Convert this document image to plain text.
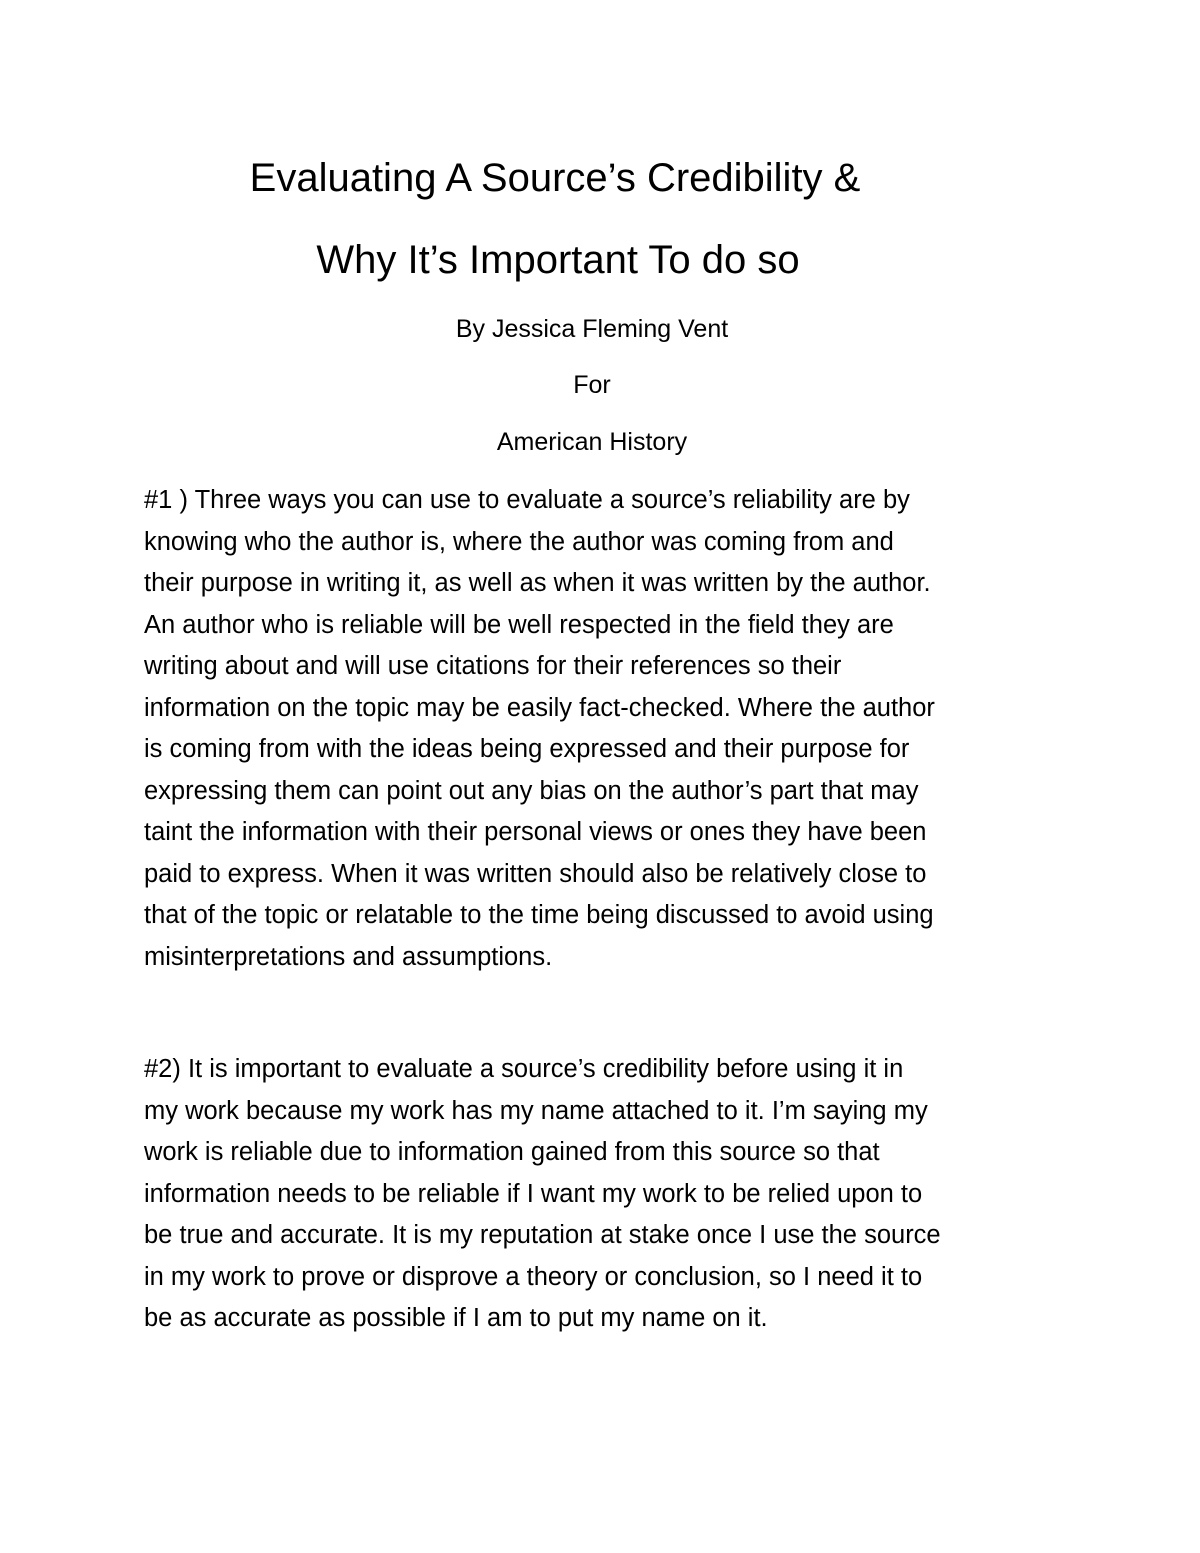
Evaluating A Source’s Credibility &
Why It’s Important To do so

By Jessica Fleming Vent

For

American History

#1 ) Three ways you can use to evaluate a source’s reliability are by
knowing who the author is, where the author was coming from and
their purpose in writing it, as well as when it was written by the author.
An author who is reliable will be well respected in the field they are
writing about and will use citations for their references so their
information on the topic may be easily fact-checked. Where the author
is coming from with the ideas being expressed and their purpose for
expressing them can point out any bias on the author’s part that may
taint the information with their personal views or ones they have been
paid to express. When it was written should also be relatively close to
that of the topic or relatable to the time being discussed to avoid using
misinterpretations and assumptions.
#2) It is important to evaluate a source’s credibility before using it in
my work because my work has my name attached to it. I’m saying my
work is reliable due to information gained from this source so that
information needs to be reliable if I want my work to be relied upon to
be true and accurate. It is my reputation at stake once I use the source
in my work to prove or disprove a theory or conclusion, so I need it to
be as accurate as possible if I am to put my name on it.
